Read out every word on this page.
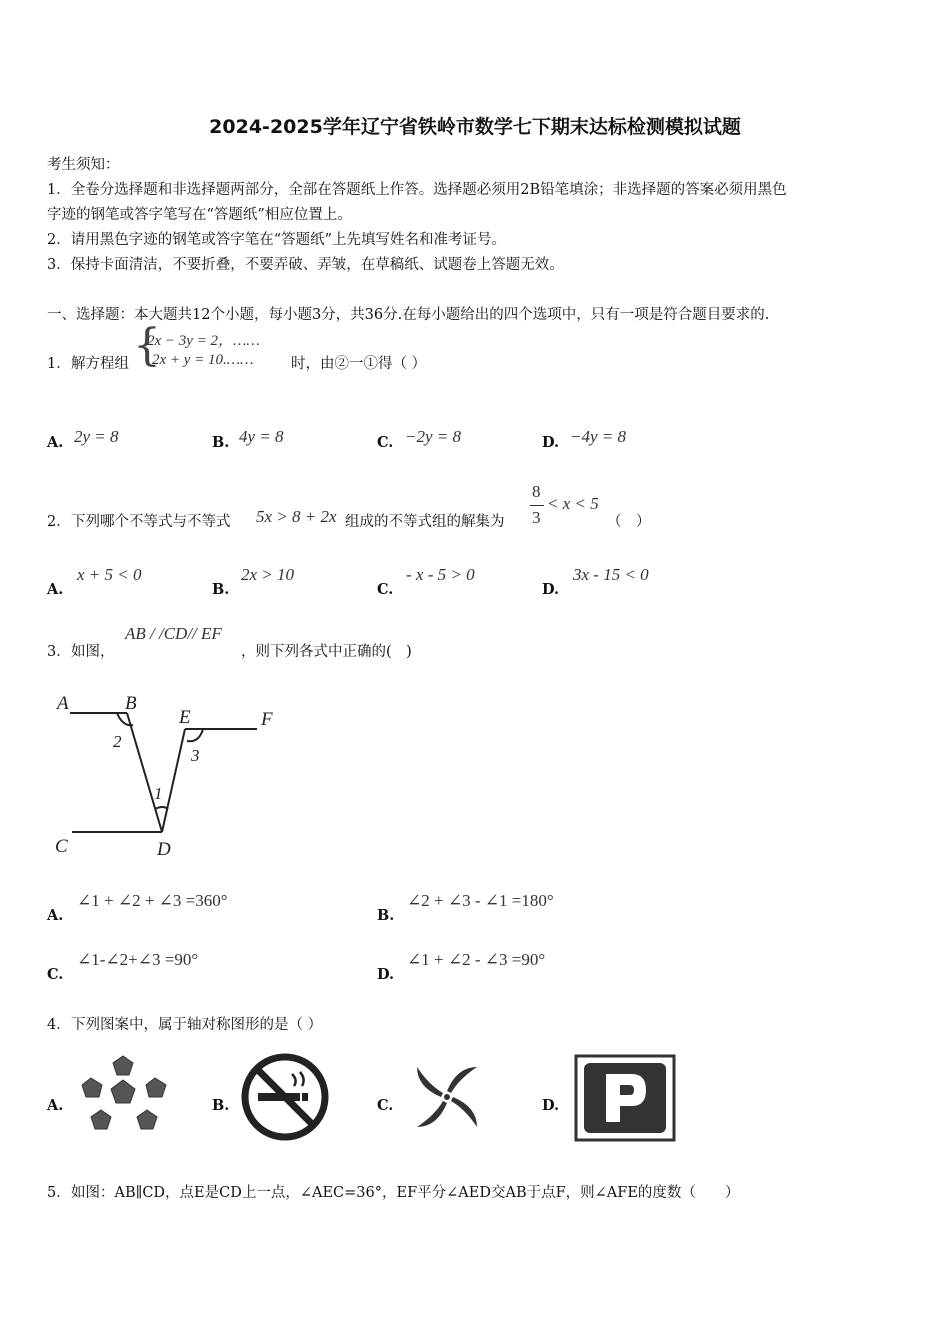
2024-2025学年辽宁省铁岭市数学七下期末达标检测模拟试题
考生须知：
1．全卷分选择题和非选择题两部分，全部在答题纸上作答。选择题必须用2B铅笔填涂；非选择题的答案必须用黑色
字迹的钢笔或答字笔写在“答题纸”相应位置上。
2．请用黑色字迹的钢笔或答字笔在“答题纸”上先填写姓名和准考证号。
3．保持卡面清洁，不要折叠，不要弄破、弄皱，在草稿纸、试题卷上答题无效。
一、选择题：本大题共12个小题，每小题3分，共36分.在每小题给出的四个选项中，只有一项是符合题目要求的.
1． 解方程组 {
2x − 3y = 2，……
2x + y = 10.……	时，由②一①得（ ）
A. 2y = 8	B. 4y = 8	C. −2y = 8	D. −4y = 8
2． 下列哪个不等式与不等式 5x > 8 + 2x 组成的不等式组的解集为
8
3
< x < 5
（　）
A.
x + 5 < 0
B.
2x > 10
C.
- x - 5 > 0
D.
3x - 15 < 0
3． 如图，
AB / /CD// EF
，则下列各式中正确的(　)
A	B
E	F
C	D
1
2
3
A.
∠1 + ∠2 + ∠3 =360°
B.
∠2 + ∠3 - ∠1 =180°
C.
∠1-∠2+∠3 =90°
D.
∠1 + ∠2 - ∠3 =90°
4． 下列图案中，属于轴对称图形的是（ ）
A.	B.	C.	D.
5． 如图：AB∥CD，点E是CD上一点，∠AEC=36°，EF平分∠AED交AB于点F，则∠AFE的度数（　　）
